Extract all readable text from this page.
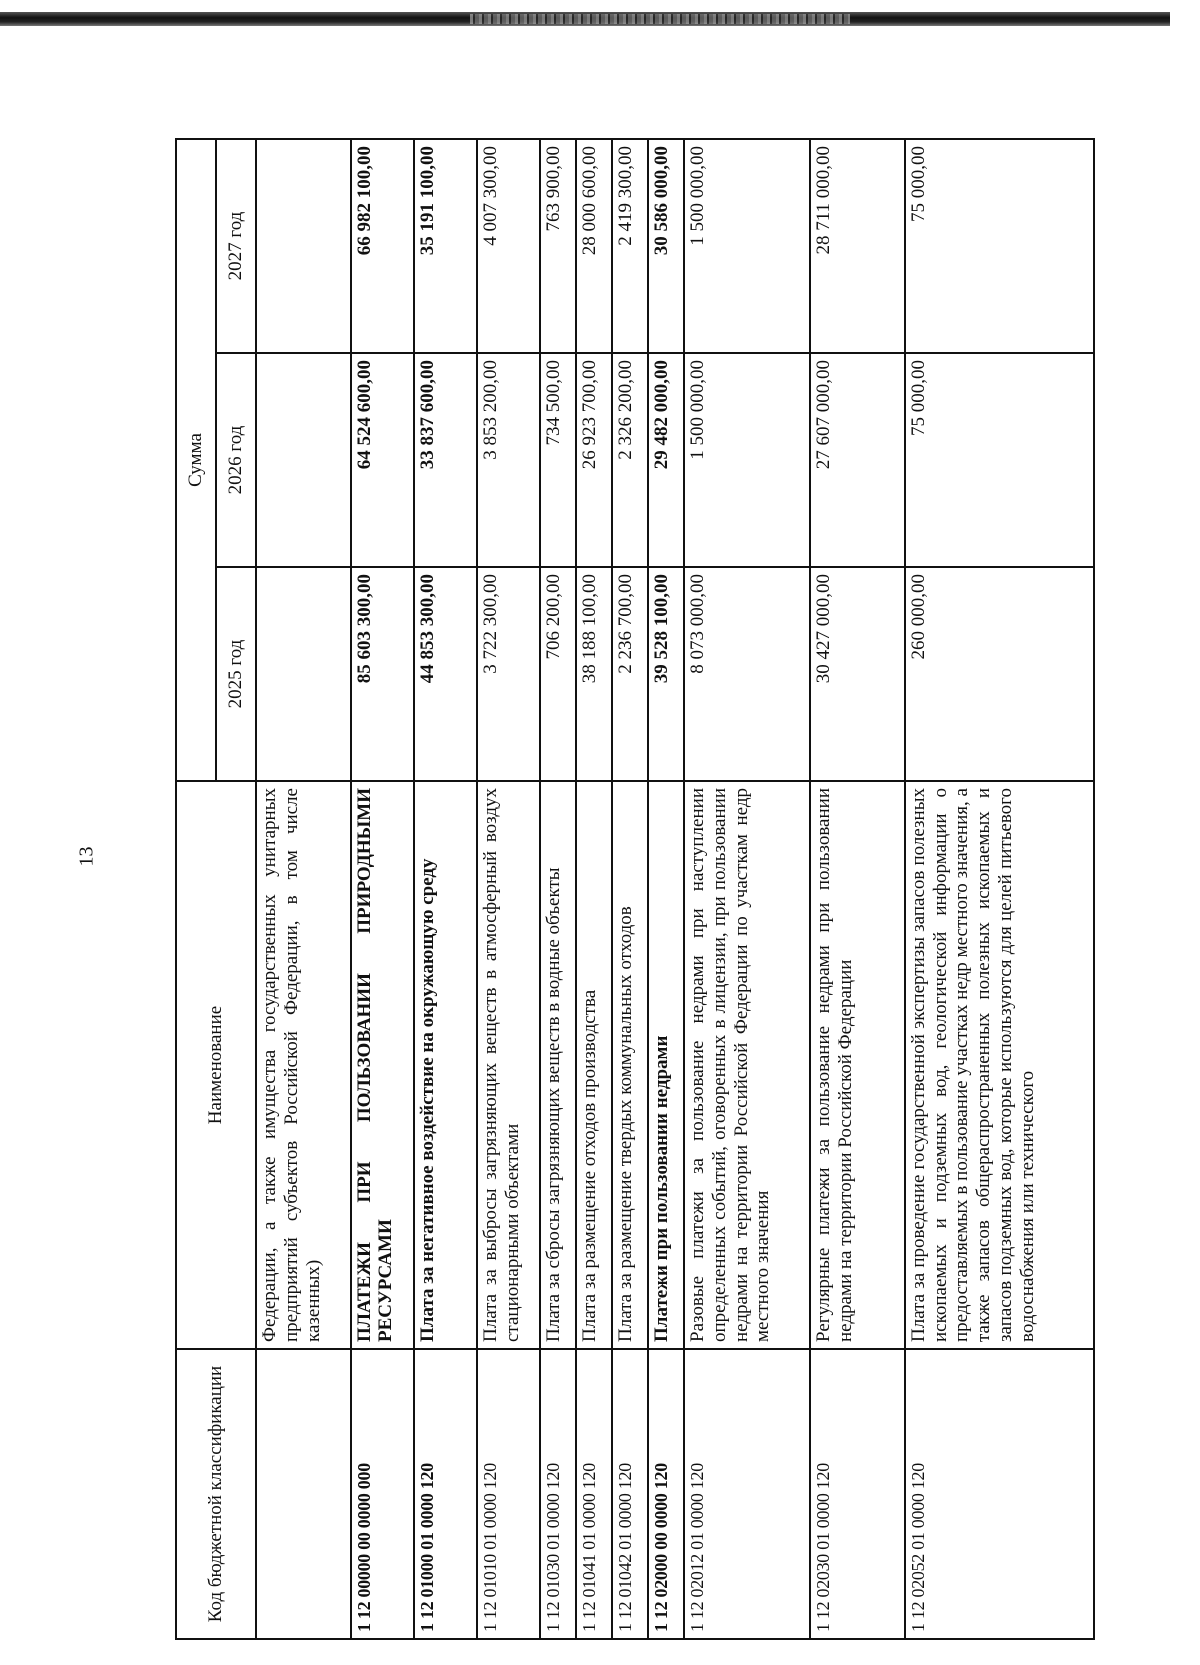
13
Код бюджетной классификации	Наименование	Сумма		
		2025 год	2026 год	2027 год
	Федерации, а также имущества государственных унитарных предприятий субъектов Российской Федерации, в том числе казенных)			
1 12 00000 00 0000 000	ПЛАТЕЖИ ПРИ ПОЛЬЗОВАНИИ ПРИРОДНЫМИ РЕСУРСАМИ	85 603 300,00	64 524 600,00	66 982 100,00
1 12 01000 01 0000 120	Плата за негативное воздействие на окружающую среду	44 853 300,00	33 837 600,00	35 191 100,00
1 12 01010 01 0000 120	Плата за выбросы загрязняющих веществ в атмосферный воздух стационарными объектами	3 722 300,00	3 853 200,00	4 007 300,00
1 12 01030 01 0000 120	Плата за сбросы загрязняющих веществ в водные объекты	706 200,00	734 500,00	763 900,00
1 12 01041 01 0000 120	Плата за размещение отходов производства	38 188 100,00	26 923 700,00	28 000 600,00
1 12 01042 01 0000 120	Плата за размещение твердых коммунальных отходов	2 236 700,00	2 326 200,00	2 419 300,00
1 12 02000 00 0000 120	Платежи при пользовании недрами	39 528 100,00	29 482 000,00	30 586 000,00
1 12 02012 01 0000 120	Разовые платежи за пользование недрами при наступлении определенных событий, оговоренных в лицензии, при пользовании недрами на территории Российской Федерации по участкам недр местного значения	8 073 000,00	1 500 000,00	1 500 000,00
1 12 02030 01 0000 120	Регулярные платежи за пользование недрами при пользовании недрами на территории Российской Федерации	30 427 000,00	27 607 000,00	28 711 000,00
1 12 02052 01 0000 120	Плата за проведение государственной экспертизы запасов полезных ископаемых и подземных вод, геологической информации о предоставляемых в пользование участках недр местного значения, а также запасов общераспространенных полезных ископаемых и запасов подземных вод, которые используются для целей питьевого водоснабжения или технического	260 000,00	75 000,00	75 000,00
